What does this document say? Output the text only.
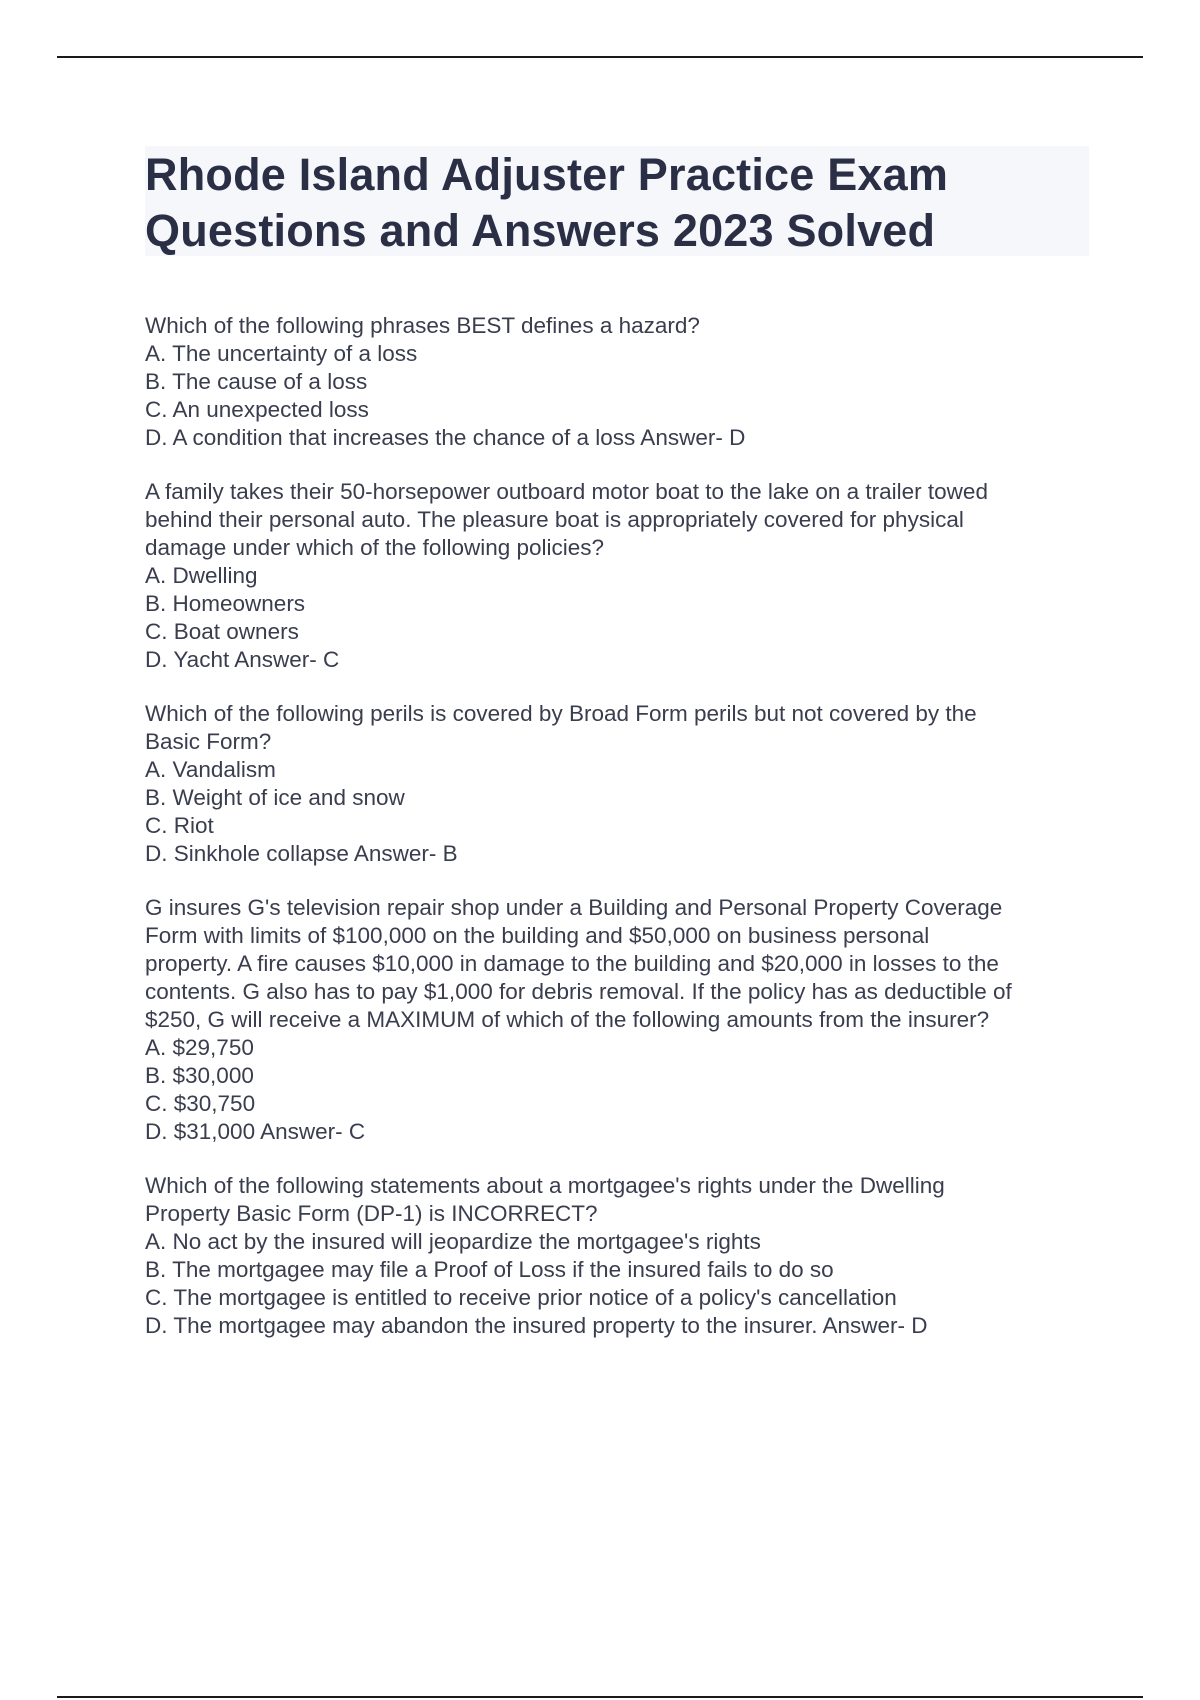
Rhode Island Adjuster Practice Exam
Questions and Answers 2023 Solved
Which of the following phrases BEST defines a hazard?
A. The uncertainty of a loss
B. The cause of a loss
C. An unexpected loss
D. A condition that increases the chance of a loss Answer- D
A family takes their 50-horsepower outboard motor boat to the lake on a trailer towed
behind their personal auto. The pleasure boat is appropriately covered for physical
damage under which of the following policies?
A. Dwelling
B. Homeowners
C. Boat owners
D. Yacht Answer- C
Which of the following perils is covered by Broad Form perils but not covered by the
Basic Form?
A. Vandalism
B. Weight of ice and snow
C. Riot
D. Sinkhole collapse Answer- B
G insures G's television repair shop under a Building and Personal Property Coverage
Form with limits of $100,000 on the building and $50,000 on business personal
property. A fire causes $10,000 in damage to the building and $20,000 in losses to the
contents. G also has to pay $1,000 for debris removal. If the policy has as deductible of
$250, G will receive a MAXIMUM of which of the following amounts from the insurer?
A. $29,750
B. $30,000
C. $30,750
D. $31,000 Answer- C
Which of the following statements about a mortgagee's rights under the Dwelling
Property Basic Form (DP-1) is INCORRECT?
A. No act by the insured will jeopardize the mortgagee's rights
B. The mortgagee may file a Proof of Loss if the insured fails to do so
C. The mortgagee is entitled to receive prior notice of a policy's cancellation
D. The mortgagee may abandon the insured property to the insurer. Answer- D
